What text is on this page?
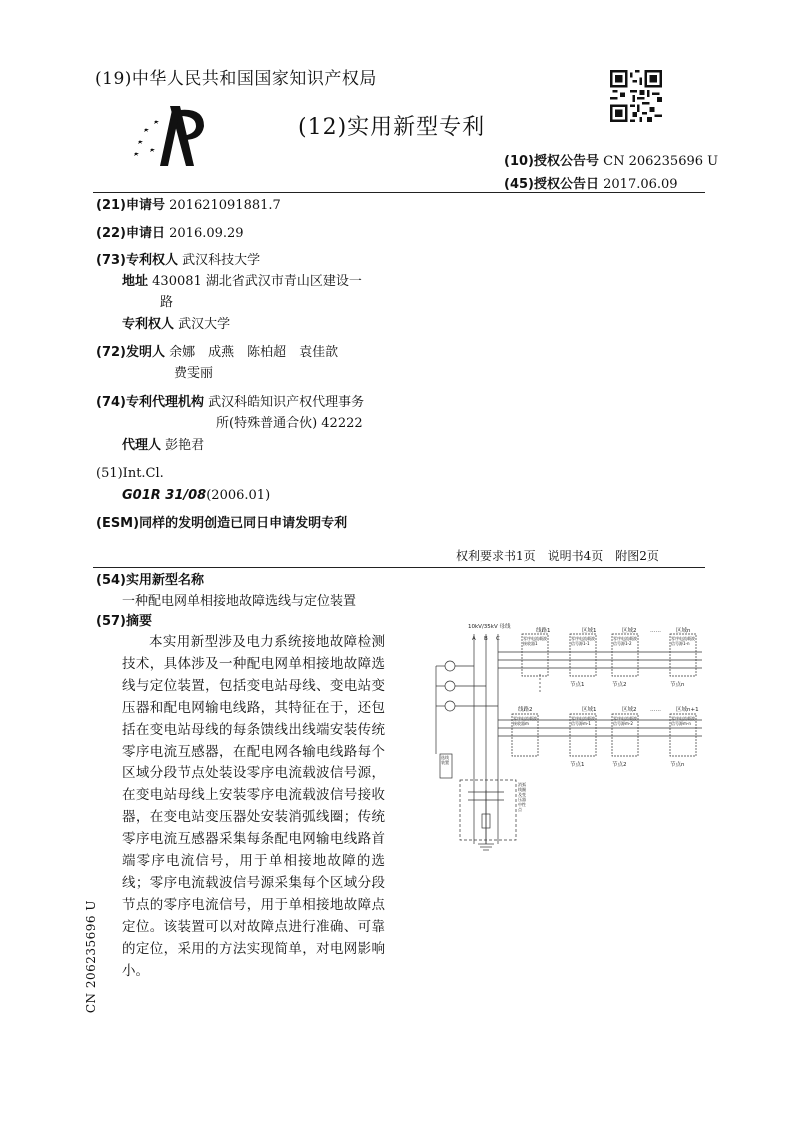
(19)中华人民共和国国家知识产权局
(12)实用新型专利
(10)授权公告号 CN 206235696 U
(45)授权公告日 2017.06.09
(21)申请号 201621091881.7
(22)申请日 2016.09.29
(73)专利权人 武汉科技大学
地址 430081 湖北省武汉市青山区建设一
路
专利权人 武汉大学
(72)发明人 余娜　成燕　陈柏超　袁佳歆
费雯丽
(74)专利代理机构 武汉科皓知识产权代理事务
所(特殊普通合伙) 42222
代理人 彭艳君
(51)Int.Cl.
G01R 31/08(2006.01)
(ESM)同样的发明创造已同日申请发明专利
权利要求书1页　说明书4页　附图2页
(54)实用新型名称
一种配电网单相接地故障选线与定位装置
(57)摘要
本实用新型涉及电力系统接地故障检测技术，具体涉及一种配电网单相接地故障选线与定位装置，包括变电站母线、变电站变压器和配电网输电线路，其特征在于，还包括在变电站母线的每条馈线出线端安装传统零序电流互感器，在配电网各输电线路每个区域分段节点处装设零序电流载波信号源，在变电站母线上安装零序电流载波信号接收器，在变电站变压器处安装消弧线圈；传统零序电流互感器采集每条配电网输电线路首端零序电流信号，用于单相接地故障的选线；零序电流载波信号源采集每个区域分段节点的零序电流信号，用于单相接地故障点定位。该装置可以对故障点进行准确、可靠的定位，采用的方法实现简单，对电网影响小。
CN 206235696 U
10kV/35kV 母线
A B C
线路1	区域1	区域2 ……	区域n
线路2	区域1	区域2 ……	区域n+1
节点1	节点2	节点n
节点1	节点2	节点n
零序电流载波接收器1
零序电流载波信号源1-1
零序电流载波信号源1-2
零序电流载波信号源1-n
零序电流载波接收器m
零序电流载波信号源m-1
零序电流载波信号源m-2
零序电流载波信号源m-n
选线装置
消弧线圈及变压器中性点
